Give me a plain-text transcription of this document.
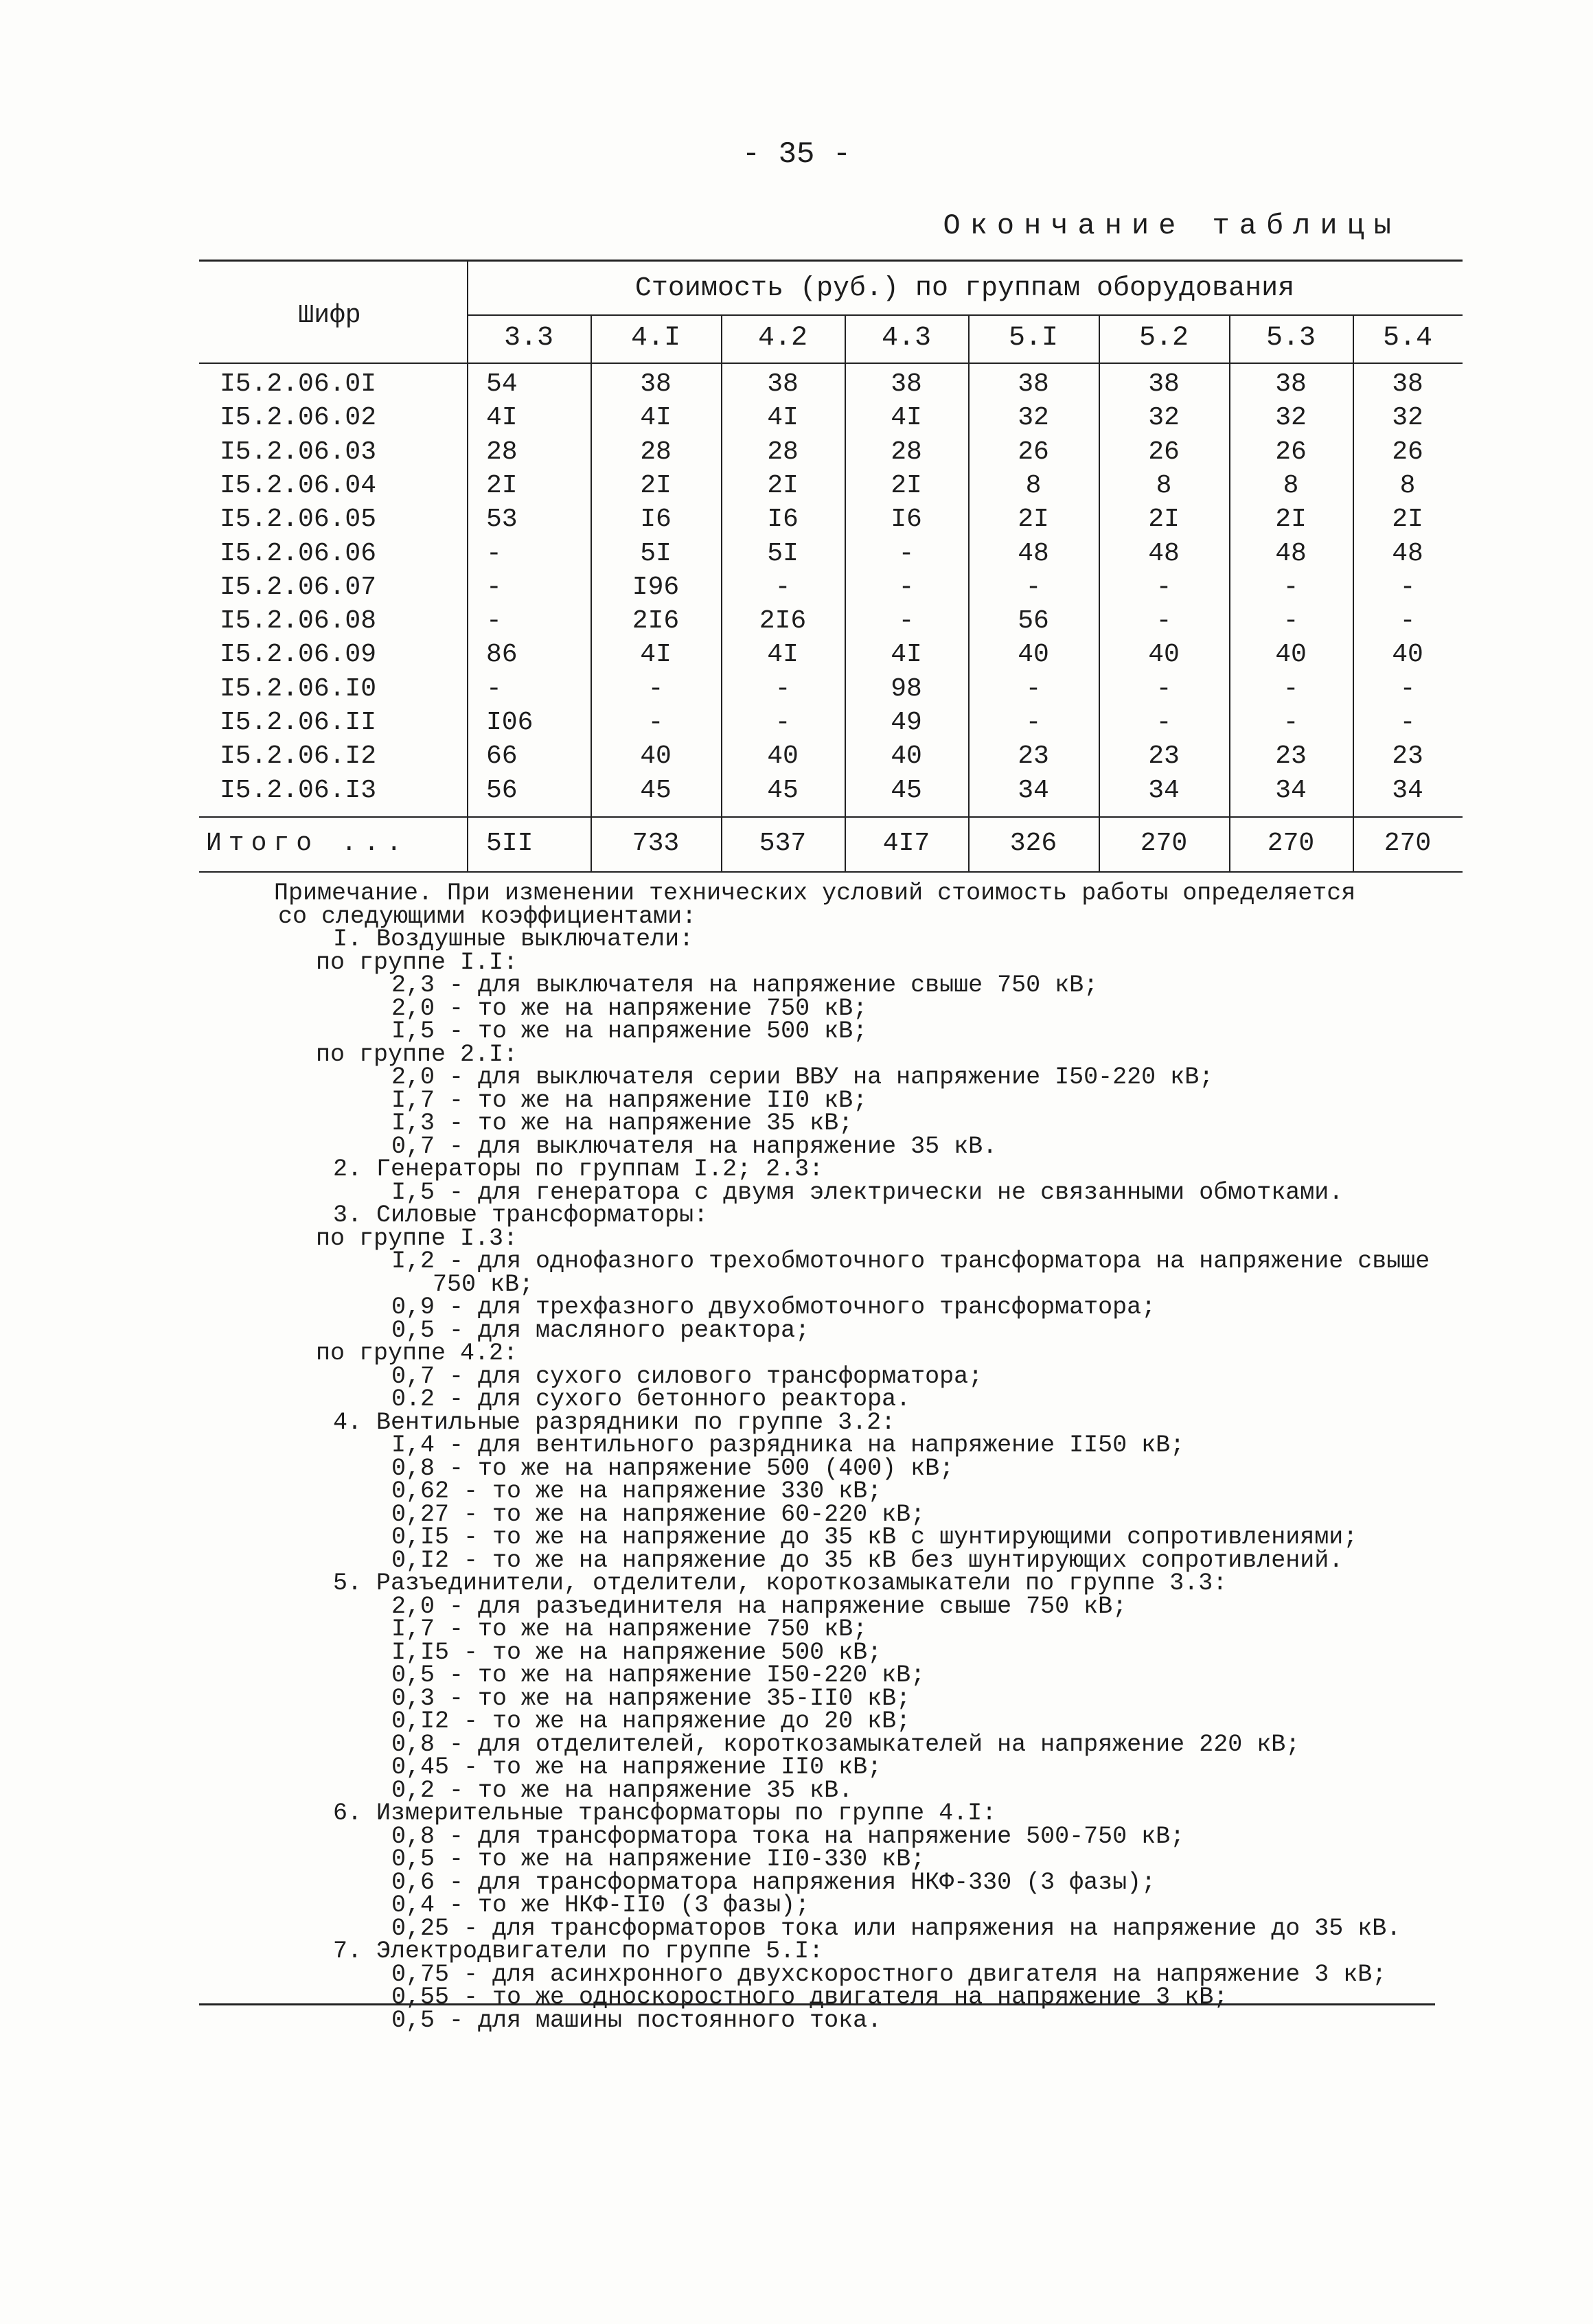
- 35 -
Окончание таблицы
Шифр
Стоимость (руб.) по группам оборудования
3.3	4.I	4.2	4.3	5.I	5.2	5.3	5.4
I5.2.06.0I	54	38	38	38	38	38	38	38
I5.2.06.02	4I	4I	4I	4I	32	32	32	32
I5.2.06.03	28	28	28	28	26	26	26	26
I5.2.06.04	2I	2I	2I	2I	8	8	8	8
I5.2.06.05	53	I6	I6	I6	2I	2I	2I	2I
I5.2.06.06	-	5I	5I	-	48	48	48	48
I5.2.06.07	-	I96	-	-	-	-	-	-
I5.2.06.08	-	2I6	2I6	-	56	-	-	-
I5.2.06.09	86	4I	4I	4I	40	40	40	40
I5.2.06.I0	-	-	-	98	-	-	-	-
I5.2.06.II	I06	-	-	49	-	-	-	-
I5.2.06.I2	66	40	40	40	23	23	23	23
I5.2.06.I3	56	45	45	45	34	34	34	34
Итого ...	5II	733	537	4I7	326	270	270	270
Примечание. При изменении технических условий стоимость работы определяется
со следующими коэффициентами:
I. Воздушные выключатели:
по группе I.I:
2,3 - для выключателя на напряжение свыше 750 кВ;
2,0 - то же на напряжение 750 кВ;
I,5 - то же на напряжение 500 кВ;
по группе 2.I:
2,0 - для выключателя серии ВВУ на напряжение I50-220 кВ;
I,7 - то же на напряжение II0 кВ;
I,3 - то же на напряжение 35 кВ;
0,7 - для выключателя на напряжение 35 кВ.
2. Генераторы по группам I.2; 2.3:
I,5 - для генератора с двумя электрически не связанными обмотками.
3. Силовые трансформаторы:
по группе I.3:
I,2 - для однофазного трехобмоточного трансформатора на напряжение свыше
750 кВ;
0,9 - для трехфазного двухобмоточного трансформатора;
0,5 - для масляного реактора;
по группе 4.2:
0,7 - для сухого силового трансформатора;
0.2 - для сухого бетонного реактора.
4. Вентильные разрядники по группе 3.2:
I,4 - для вентильного разрядника на напряжение II50 кВ;
0,8 - то же на напряжение 500 (400) кВ;
0,62 - то же на напряжение 330 кВ;
0,27 - то же на напряжение 60-220 кВ;
0,I5 - то же на напряжение до 35 кВ с шунтирующими сопротивлениями;
0,I2 - то же на напряжение до 35 кВ без шунтирующих сопротивлений.
5. Разъединители, отделители, короткозамыкатели по группе 3.3:
2,0 - для разъединителя на напряжение свыше 750 кВ;
I,7 - то же на напряжение 750 кВ;
I,I5 - то же на напряжение 500 кВ;
0,5 - то же на напряжение I50-220 кВ;
0,3 - то же на напряжение 35-II0 кВ;
0,I2 - то же на напряжение до 20 кВ;
0,8 - для отделителей, короткозамыкателей на напряжение 220 кВ;
0,45 - то же на напряжение II0 кВ;
0,2 - то же на напряжение 35 кВ.
6. Измерительные трансформаторы по группе 4.I:
0,8 - для трансформатора тока на напряжение 500-750 кВ;
0,5 - то же на напряжение II0-330 кВ;
0,6 - для трансформатора напряжения НКФ-330 (3 фазы);
0,4 - то же НКФ-II0 (3 фазы);
0,25 - для трансформаторов тока или напряжения на напряжение до 35 кВ.
7. Электродвигатели по группе 5.I:
0,75 - для асинхронного двухскоростного двигателя на напряжение 3 кВ;
0,55 - то же односкоростного двигателя на напряжение 3 кВ;
0,5 - для машины постоянного тока.
